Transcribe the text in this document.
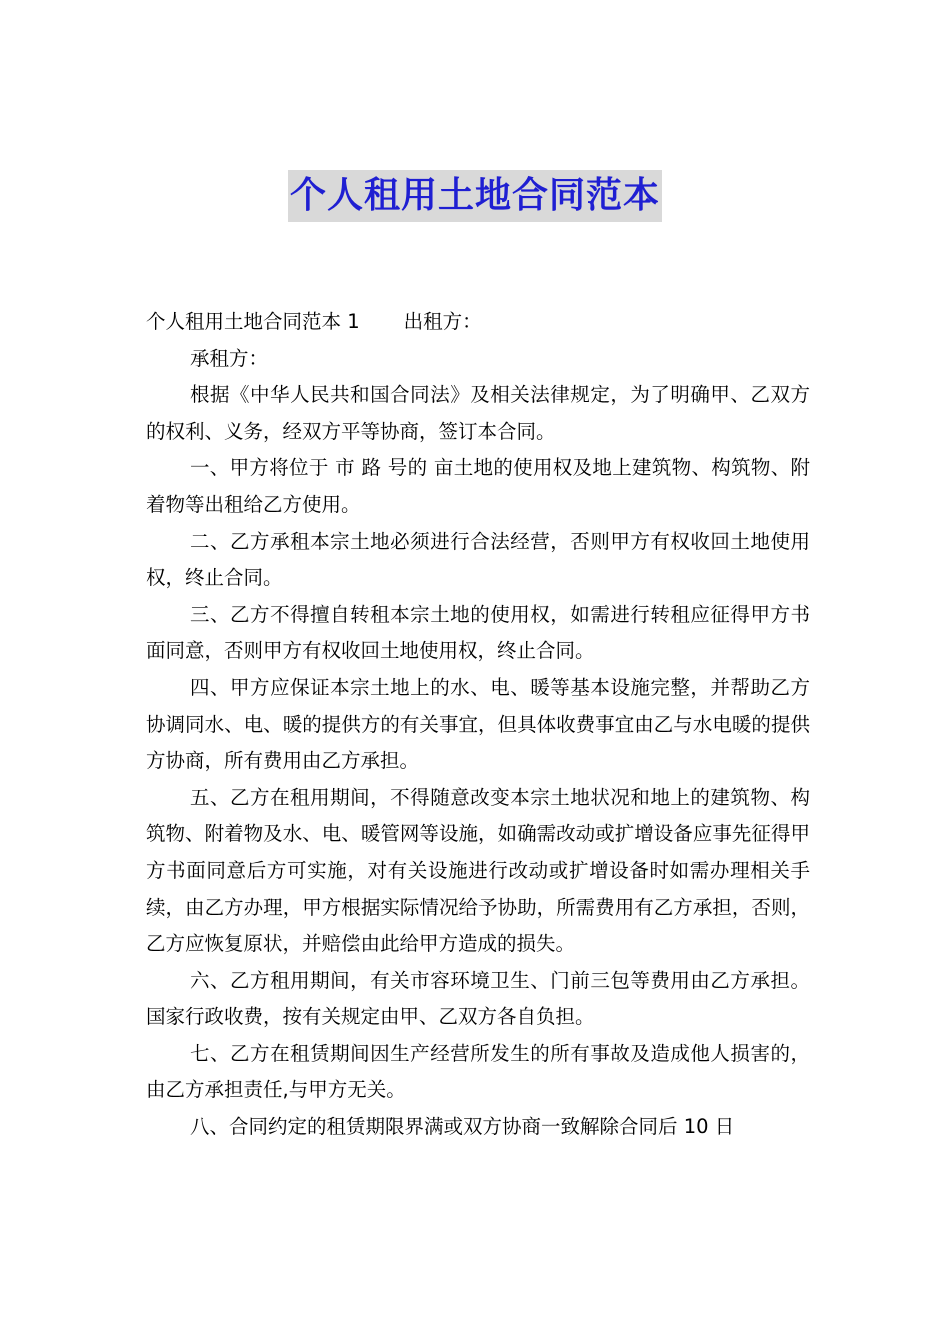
个人租用土地合同范本

个人租用土地合同范本 1 出租方：

承租方：

根据《中华人民共和国合同法》及相关法律规定，为了明确甲、乙双方的权利、义务，经双方平等协商，签订本合同。

一、甲方将位于 市 路 号的 亩土地的使用权及地上建筑物、构筑物、附着物等出租给乙方使用。

二、乙方承租本宗土地必须进行合法经营，否则甲方有权收回土地使用权，终止合同。

三、乙方不得擅自转租本宗土地的使用权，如需进行转租应征得甲方书面同意，否则甲方有权收回土地使用权，终止合同。

四、甲方应保证本宗土地上的水、电、暖等基本设施完整，并帮助乙方协调同水、电、暖的提供方的有关事宜，但具体收费事宜由乙与水电暖的提供方协商，所有费用由乙方承担。

五、乙方在租用期间，不得随意改变本宗土地状况和地上的建筑物、构筑物、附着物及水、电、暖管网等设施，如确需改动或扩增设备应事先征得甲方书面同意后方可实施，对有关设施进行改动或扩增设备时如需办理相关手续，由乙方办理，甲方根据实际情况给予协助，所需费用有乙方承担，否则，乙方应恢复原状，并赔偿由此给甲方造成的损失。

六、乙方租用期间，有关市容环境卫生、门前三包等费用由乙方承担。国家行政收费，按有关规定由甲、乙双方各自负担。

七、乙方在租赁期间因生产经营所发生的所有事故及造成他人损害的，由乙方承担责任,与甲方无关。

八、合同约定的租赁期限界满或双方协商一致解除合同后 10 日
